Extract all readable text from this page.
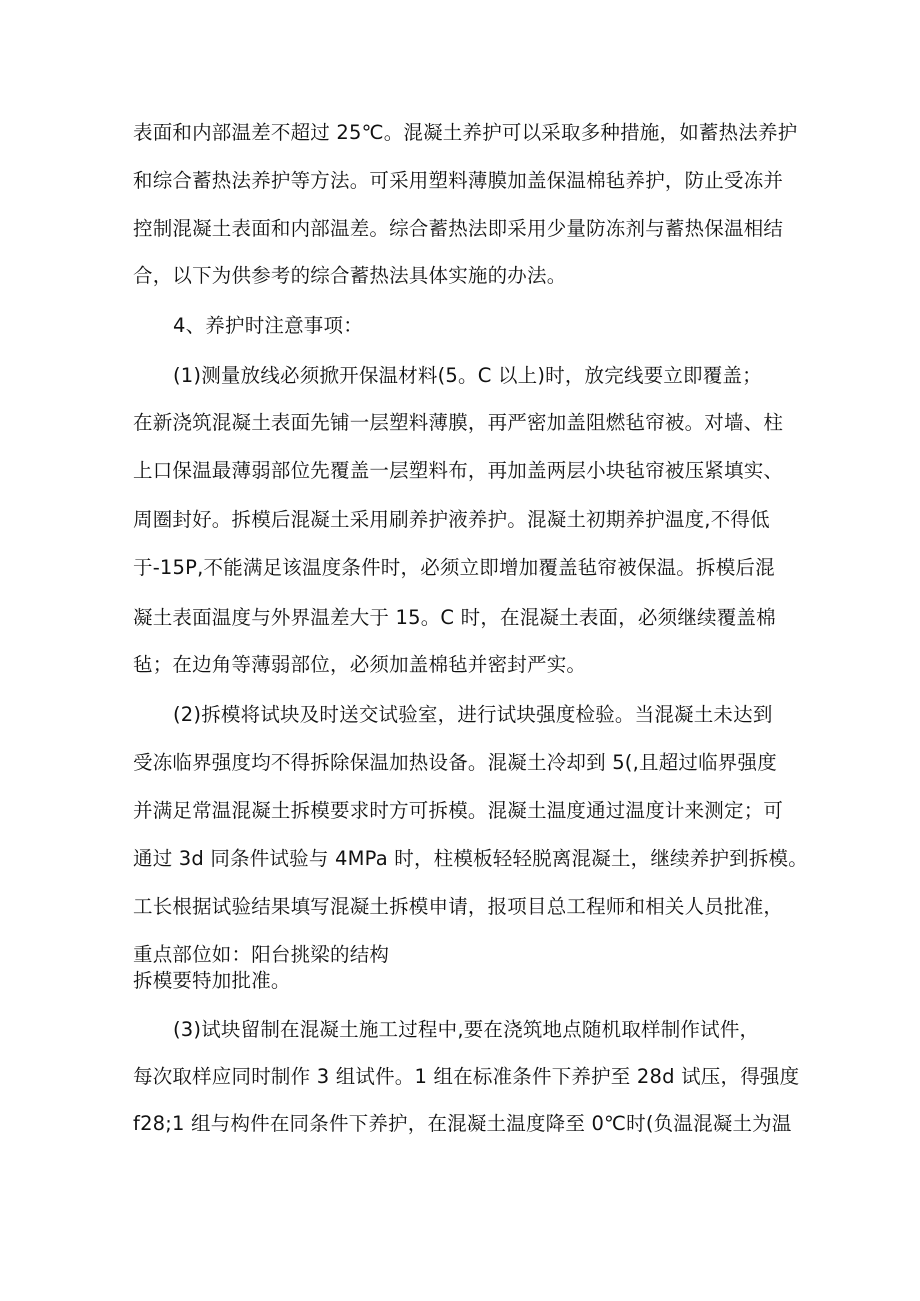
表面和内部温差不超过 25℃。混凝土养护可以采取多种措施，如蓄热法养护
和综合蓄热法养护等方法。可采用塑料薄膜加盖保温棉毡养护，防止受冻并
控制混凝土表面和内部温差。综合蓄热法即采用少量防冻剂与蓄热保温相结
合，以下为供参考的综合蓄热法具体实施的办法。
4、养护时注意事项：
(1)测量放线必须掀开保温材料(5。C 以上)时，放完线要立即覆盖；
在新浇筑混凝土表面先铺一层塑料薄膜，再严密加盖阻燃毡帘被。对墙、柱
上口保温最薄弱部位先覆盖一层塑料布，再加盖两层小块毡帘被压紧填实、
周圈封好。拆模后混凝土采用刷养护液养护。混凝土初期养护温度,不得低
于-15P,不能满足该温度条件时，必须立即增加覆盖毡帘被保温。拆模后混
凝土表面温度与外界温差大于 15。C 时，在混凝土表面，必须继续覆盖棉
毡；在边角等薄弱部位，必须加盖棉毡并密封严实。
(2)拆模将试块及时送交试验室，进行试块强度检验。当混凝土未达到
受冻临界强度均不得拆除保温加热设备。混凝土冷却到 5(,且超过临界强度
并满足常温混凝土拆模要求时方可拆模。混凝土温度通过温度计来测定；可
通过 3d 同条件试验与 4MPa 时，柱模板轻轻脱离混凝土，继续养护到拆模。
工长根据试验结果填写混凝土拆模申请，报项目总工程师和相关人员批准，
重点部位如：阳台挑梁的结构
拆模要特加批准。
(3)试块留制在混凝土施工过程中,要在浇筑地点随机取样制作试件，
每次取样应同时制作 3 组试件。1 组在标准条件下养护至 28d 试压，得强度
f28;1 组与构件在同条件下养护，在混凝土温度降至 0℃时(负温混凝土为温
